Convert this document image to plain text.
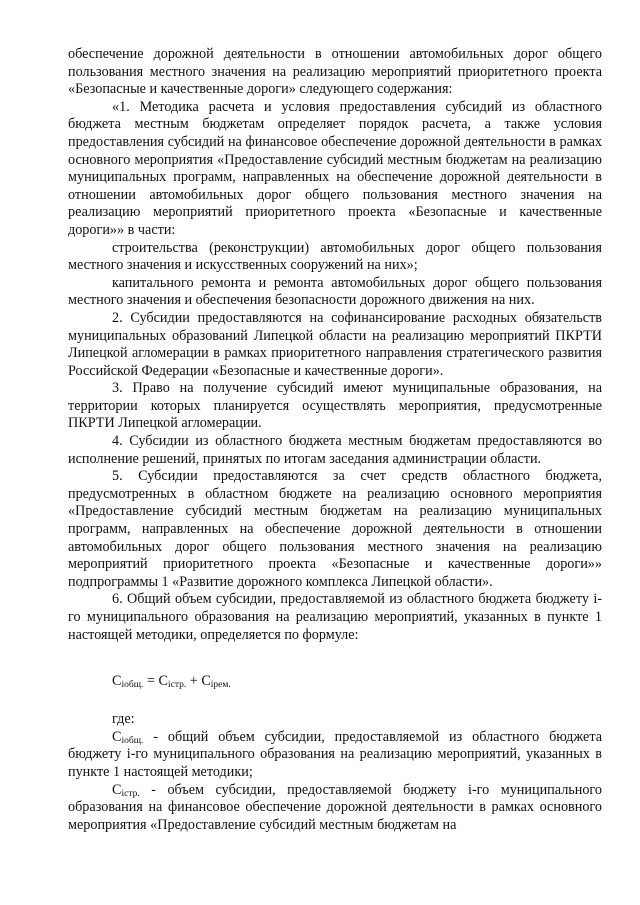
обеспечение дорожной деятельности в отношении автомобильных дорог общего пользования местного значения на реализацию мероприятий приоритетного проекта «Безопасные и качественные дороги» следующего содержания:

«1. Методика расчета и условия предоставления субсидий из областного бюджета местным бюджетам определяет порядок расчета, а также условия предоставления субсидий на финансовое обеспечение дорожной деятельности в рамках основного мероприятия «Предоставление субсидий местным бюджетам на реализацию муниципальных программ, направленных на обеспечение дорожной деятельности в отношении автомобильных дорог общего пользования местного значения на реализацию мероприятий приоритетного проекта «Безопасные и качественные дороги»» в части:

строительства (реконструкции) автомобильных дорог общего пользования местного значения и искусственных сооружений на них»;

капитального ремонта и ремонта автомобильных дорог общего пользования местного значения и обеспечения безопасности дорожного движения на них.

2. Субсидии предоставляются на софинансирование расходных обязательств муниципальных образований Липецкой области на реализацию мероприятий ПКРТИ Липецкой агломерации в рамках приоритетного направления стратегического развития Российской Федерации «Безопасные и качественные дороги».

3. Право на получение субсидий имеют муниципальные образования, на территории которых планируется осуществлять мероприятия, предусмотренные ПКРТИ Липецкой агломерации.

4. Субсидии из областного бюджета местным бюджетам предоставляются во исполнение решений, принятых по итогам заседания администрации области.

5. Субсидии предоставляются за счет средств областного бюджета, предусмотренных в областном бюджете на реализацию основного мероприятия «Предоставление субсидий местным бюджетам на реализацию муниципальных программ, направленных на обеспечение дорожной деятельности в отношении автомобильных дорог общего пользования местного значения на реализацию мероприятий приоритетного проекта «Безопасные и качественные дороги»» подпрограммы 1 «Развитие дорожного комплекса Липецкой области».

6. Общий объем субсидии, предоставляемой из областного бюджета бюджету i-го муниципального образования на реализацию мероприятий, указанных в пункте 1 настоящей методики, определяется по формуле:

$C_{iобщ.} = C_{iстр.} + C_{iрем.}$

где:

$C_{iобщ.}$ - общий объем субсидии, предоставляемой из областного бюджета бюджету i-го муниципального образования на реализацию мероприятий, указанных в пункте 1 настоящей методики;

$C_{iстр.}$ - объем субсидии, предоставляемой бюджету i-го муниципального образования на финансовое обеспечение дорожной деятельности в рамках основного мероприятия «Предоставление субсидий местным бюджетам на
